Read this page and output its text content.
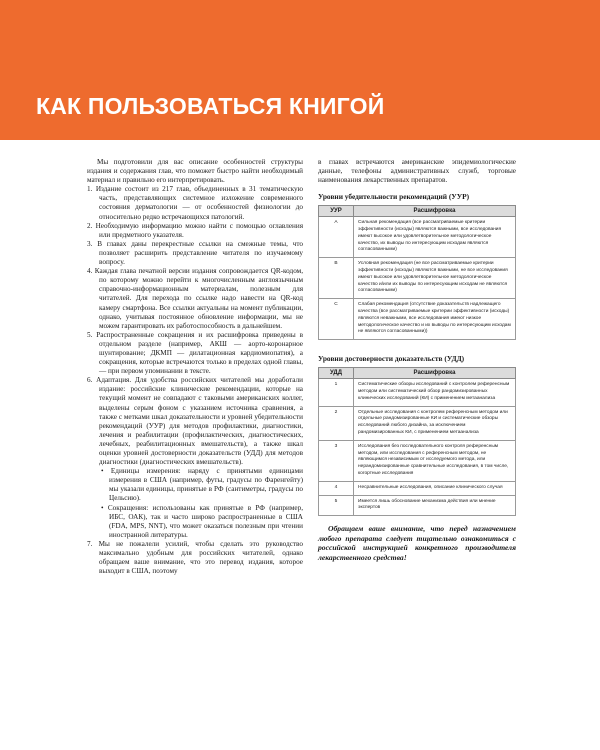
КАК ПОЛЬЗОВАТЬСЯ КНИГОЙ

Мы подготовили для вас описание особенностей структуры издания и содержания глав, что поможет быстро найти необходимый материал и правильно его интерпретировать.

1. Издание состоит из 217 глав, объединенных в 31 тематическую часть, представляющих системное изложение современного состояния дерматологии — от особенностей физиологии до относительно редко встречающихся патологий.
2. Необходимую информацию можно найти с помощью оглавления или предметного указателя.
3. В главах даны перекрестные ссылки на смежные темы, что позволяет расширить представление читателя по изучаемому вопросу.
4. Каждая глава печатной версии издания сопровождается QR-кодом, по которому можно перейти к многочисленным англоязычным справочно-информационным материалам, полезным для читателей. Для перехода по ссылке надо навести на QR-код камеру смартфона. Все ссылки актуальны на момент публикации, однако, учитывая постоянное обновление информации, мы не можем гарантировать их работоспособность в дальнейшем.
5. Распространенные сокращения и их расшифровка приведены в отдельном разделе (например, АКШ — аорто-коронарное шунтирование; ДКМП — дилатационная кардиомиопатия), а сокращения, которые встречаются только в пределах одной главы, — при первом упоминании в тексте.
6. Адаптация. Для удобства российских читателей мы доработали издание: российские клинические рекомендации, которые на текущий момент не совпадают с таковыми американских коллег, выделены серым фоном с указанием источника сравнения, а также с метками шкал доказательности и уровней убедительности рекомендаций (УУР) для методов профилактики, диагностики, лечения и реабилитации (профилактических, диагностических, лечебных, реабилитационных вмешательств), а также шкал оценки уровней достоверности доказательств (УДД) для методов диагностики (диагностических вмешательств).
• Единицы измерения: наряду с принятыми единицами измерения в США (например, футы, градусы по Фаренгейту) мы указали единицы, принятые в РФ (сантиметры, градусы по Цельсию).
• Сокращения: использованы как принятые в РФ (например, ИБС, ОАК), так и часто широко распространенные в США (FDA, MPS, NNT), что может оказаться полезным при чтении иностранной литературы.
7. Мы не пожалели усилий, чтобы сделать это руководство максимально удобным для российских читателей, однако обращаем ваше внимание, что это перевод издания, которое выходит в США, поэтому

в главах встречаются американские эпидемиологические данные, телефоны административных служб, торговые наименования лекарственных препаратов.

Уровни убедительности рекомендаций (УУР)
УУР	Расшифровка
A	Сильная рекомендация (все рассматриваемые критерии эффективности (исходы) являются важными, все исследования имеют высокое или удовлетворительное методологическое качество, их выводы по интересующим исходам являются согласованными)
B	Условная рекомендация (не все рассматриваемые критерии эффективности (исходы) являются важными, не все исследования имеют высокое или удовлетворительное методологическое качество и/или их выводы по интересующим исходам не являются согласованными)
C	Слабая рекомендация (отсутствие доказательств надлежащего качества (все рассматриваемые критерии эффективности (исходы) являются неважными, все исследования имеют низкое методологическое качество и их выводы по интересующим исходам не являются согласованными))
Уровни достоверности доказательств (УДД)
УДД	Расшифровка
1	Систематические обзоры исследований с контролем референсным методом или систематический обзор рандомизированных клинических исследований (КИ) с применением метаанализа
2	Отдельные исследования с контролем референсным методом или отдельные рандомизированные КИ и систематические обзоры исследований любого дизайна, за исключением рандомизированных КИ, с применением метаанализа
3	Исследования без последовательного контроля референсным методом, или исследования с референсным методом, не являющимся независимым от исследуемого метода, или нерандомизированные сравнительные исследования, в том числе, когортные исследования
4	Несравнительные исследования, описание клинического случая
5	Имеется лишь обоснование механизма действия или мнение экспертов

Обращаем ваше внимание, что перед назначением любого препарата следует тщательно ознакомиться с российской инструкцией конкретного производителя лекарственного средства!
